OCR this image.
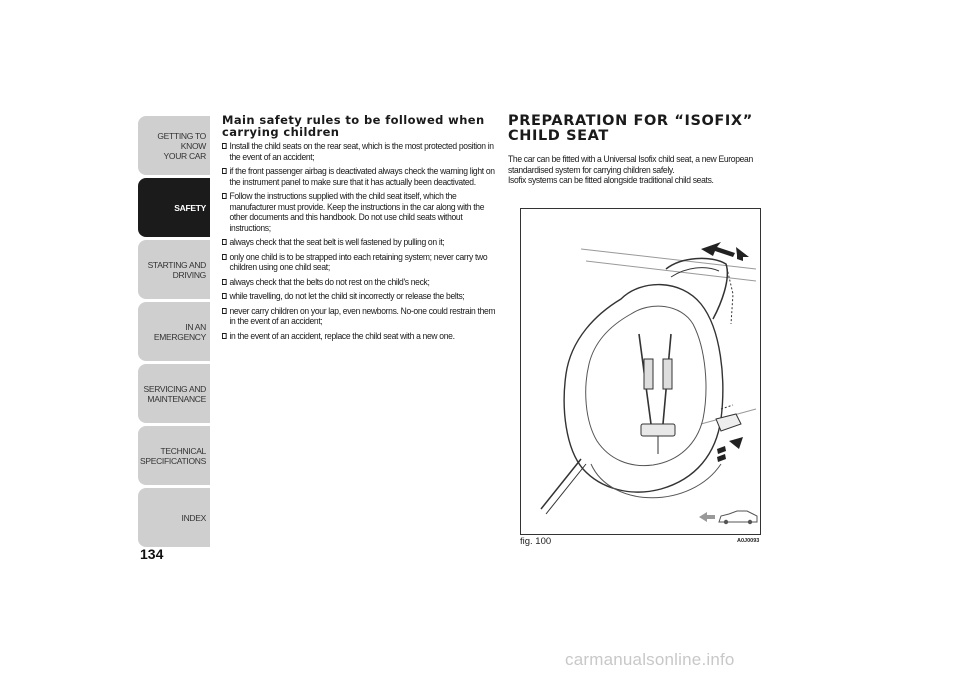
GETTING TO KNOW
YOUR CAR
SAFETY
STARTING AND
DRIVING
IN AN EMERGENCY
SERVICING AND
MAINTENANCE
TECHNICAL
SPECIFICATIONS
INDEX
134
Main safety rules to be followed when carrying children
Install the child seats on the rear seat, which is the most protected position in the event of an accident;
if the front passenger airbag is deactivated always check the warning light on the instrument panel to make sure that it has actually been deactivated.
Follow the instructions supplied with the child seat itself, which the manufacturer must provide. Keep the instructions in the car along with the other documents and this handbook. Do not use child seats without instructions;
always check that the seat belt is well fastened by pulling on it;
only one child is to be strapped into each retaining system; never carry two children using one child seat;
always check that the belts do not rest on the child's neck;
while travelling, do not let the child sit incorrectly or release the belts;
never carry children on your lap, even newborns. No-one could restrain them in the event of an accident;
in the event of an accident, replace the child seat with a new one.
PREPARATION FOR “ISOFIX”
CHILD SEAT

The car can be fitted with a Universal Isofix child seat, a new European standardised system for carrying children safely.

Isofix systems can be fitted alongside traditional child seats.

fig. 100	A0J0093
carmanualsonline.info
